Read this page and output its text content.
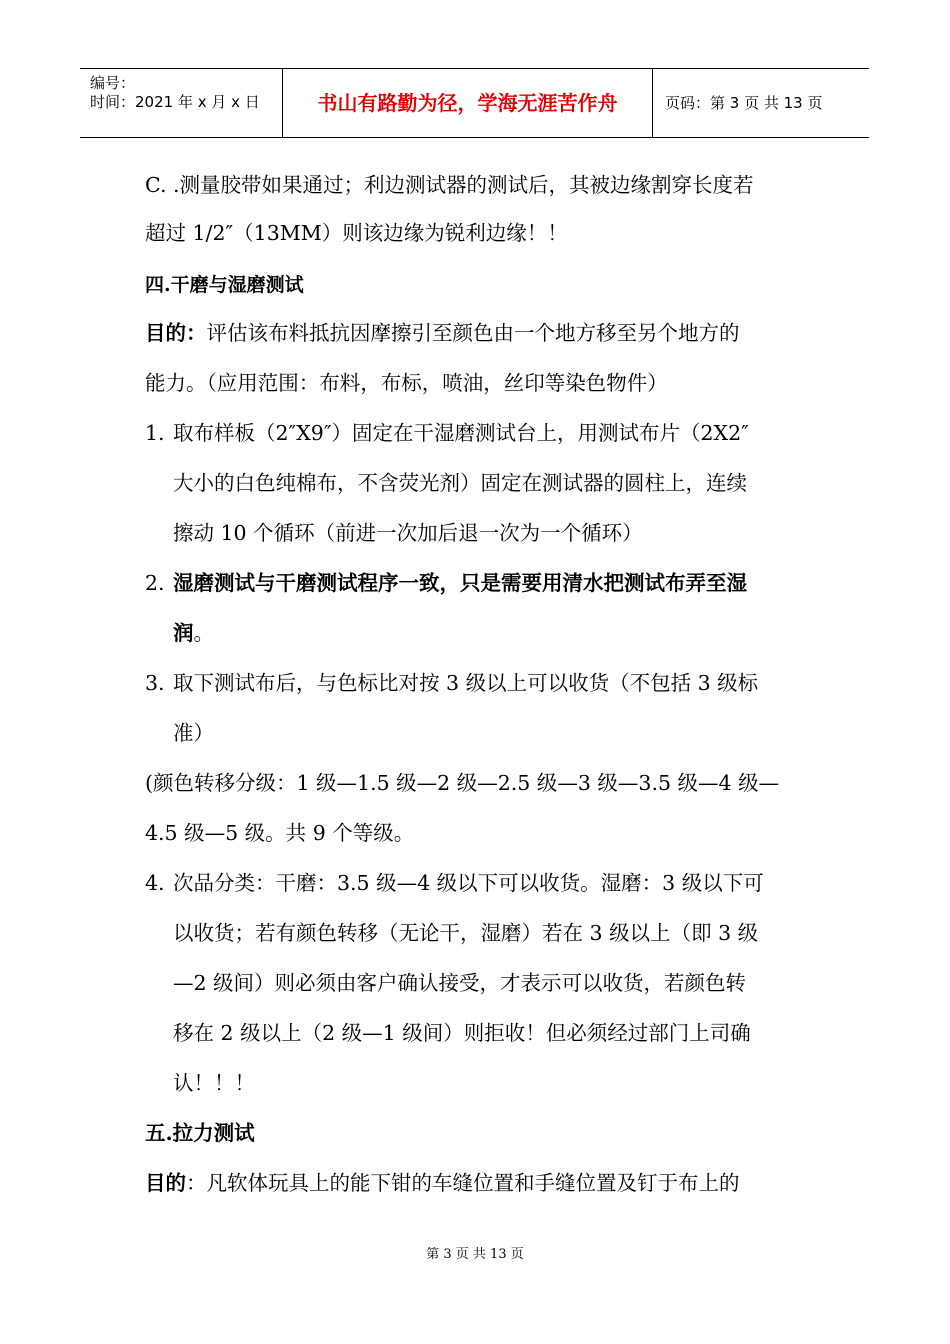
编号：
时间：2021 年 x 月 x 日	书山有路勤为径，学海无涯苦作舟	页码：第 3 页 共 13 页
C. .测量胶带如果通过；利边测试器的测试后，其被边缘割穿长度若
超过 1/2″（13MM）则该边缘为锐利边缘！！
四.干磨与湿磨测试
目的：评估该布料抵抗因摩擦引至颜色由一个地方移至另个地方的
能力。（应用范围：布料，布标，喷油，丝印等染色物件）
1. 取布样板（2″X9″）固定在干湿磨测试台上，用测试布片（2X2″
大小的白色纯棉布，不含荧光剂）固定在测试器的圆柱上，连续
擦动 10 个循环（前进一次加后退一次为一个循环）
2. 湿磨测试与干磨测试程序一致，只是需要用清水把测试布弄至湿
润。
3. 取下测试布后，与色标比对按 3 级以上可以收货（不包括 3 级标
准）
(颜色转移分级：1 级—1.5 级—2 级—2.5 级—3 级—3.5 级—4 级—
4.5 级—5 级。共 9 个等级。
4. 次品分类：干磨：3.5 级—4 级以下可以收货。湿磨：3 级以下可
以收货；若有颜色转移（无论干，湿磨）若在 3 级以上（即 3 级
—2 级间）则必须由客户确认接受，才表示可以收货，若颜色转
移在 2 级以上（2 级—1 级间）则拒收！但必须经过部门上司确
认！！！
五.拉力测试
目的：凡软体玩具上的能下钳的车缝位置和手缝位置及钉于布上的
第 3 页 共 13 页
